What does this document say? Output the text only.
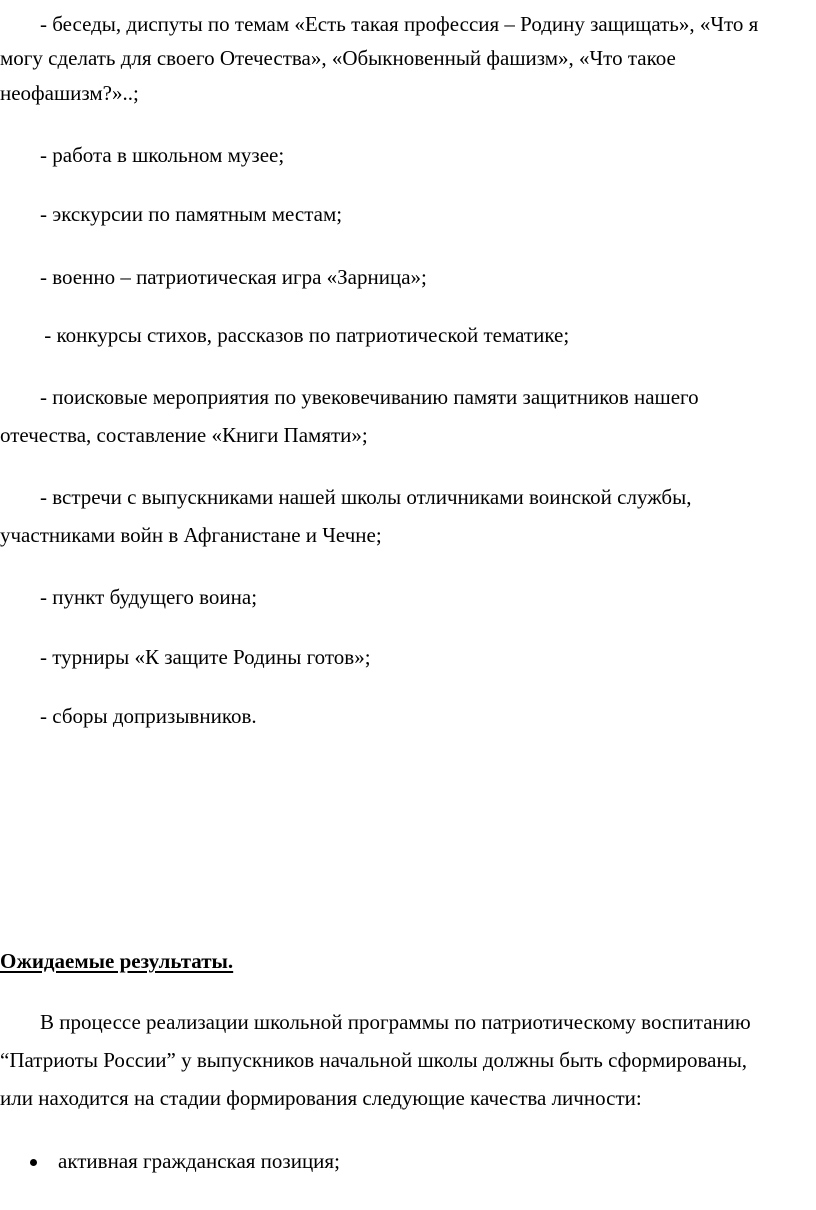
- беседы, диспуты по темам «Есть такая профессия – Родину защищать», «Что я
могу сделать для своего Отечества», «Обыкновенный фашизм», «Что такое
неофашизм?»..;
- работа в школьном музее;
- экскурсии по памятным местам;
- военно – патриотическая игра «Зарница»;
- конкурсы стихов, рассказов по патриотической тематике;
- поисковые мероприятия по увековечиванию памяти защитников нашего
отечества, составление «Книги Памяти»;
- встречи с выпускниками нашей школы отличниками воинской службы,
участниками войн в Афганистане и Чечне;
- пункт будущего воина;
- турниры «К защите Родины готов»;
- сборы допризывников.
Ожидаемые результаты.
В процессе реализации школьной программы по патриотическому воспитанию
“Патриоты России” у выпускников начальной школы должны быть сформированы,
или находится на стадии формирования следующие качества личности:
активная гражданская позиция;
